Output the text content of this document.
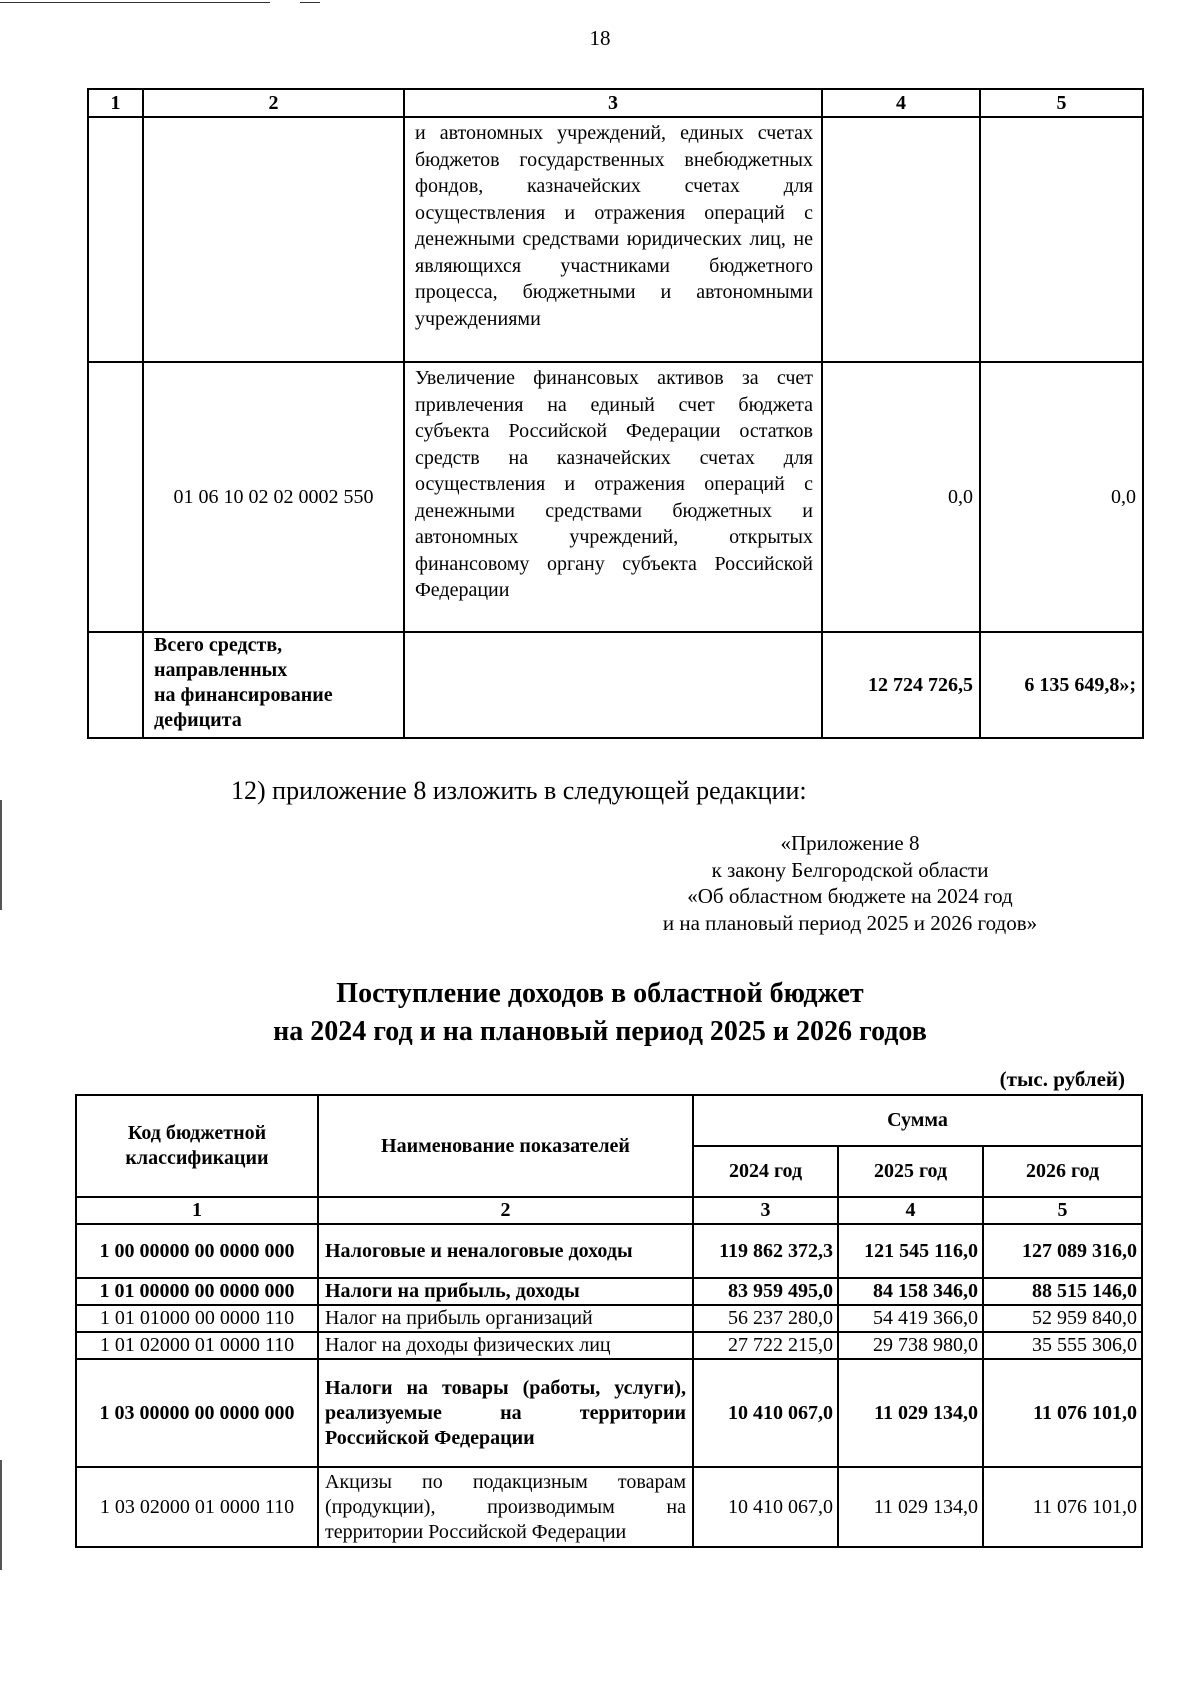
18
1	2	3	4	5
		и автономных учреждений, единых счетах бюджетов государственных внебюджетных фондов, казначейских счетах для осуществления и отражения операций с денежными средствами юридических лиц, не являющихся участниками бюджетного процесса, бюджетными и автономными учреждениями		
	01 06 10 02 02 0002 550	Увеличение финансовых активов за счет привлечения на единый счет бюджета субъекта Российской Федерации остатков средств на казначейских счетах для осуществления и отражения операций с денежными средствами бюджетных и автономных учреждений, открытых финансовому органу субъекта Российской Федерации	0,0	0,0

	Всего средств,
направленных
на финансирование
дефицита		12 724 726,5	6 135 649,8»;
12) приложение 8 изложить в следующей редакции:
«Приложение 8
к закону Белгородской области
«Об областном бюджете на 2024 год
и на плановый период 2025 и 2026 годов»
Поступление доходов в областной бюджет
на 2024 год и на плановый период 2025 и 2026 годов
(тыс. рублей)
Код бюджетной классификации	Наименование показателей	Сумма		
		2024 год	2025 год	2026 год
1	2	3	4	5
1 00 00000 00 0000 000	Налоговые и неналоговые доходы	119 862 372,3	121 545 116,0	127 089 316,0
1 01 00000 00 0000 000	Налоги на прибыль, доходы	83 959 495,0	84 158 346,0	88 515 146,0
1 01 01000 00 0000 110	Налог на прибыль организаций	56 237 280,0	54 419 366,0	52 959 840,0
1 01 02000 01 0000 110	Налог на доходы физических лиц	27 722 215,0	29 738 980,0	35 555 306,0
1 03 00000 00 0000 000	Налоги на товары (работы, услуги), реализуемые на территории Российской Федерации	10 410 067,0	11 029 134,0	11 076 101,0
1 03 02000 01 0000 110	Акцизы по подакцизным товарам (продукции), производимым на территории Российской Федерации	10 410 067,0	11 029 134,0	11 076 101,0
